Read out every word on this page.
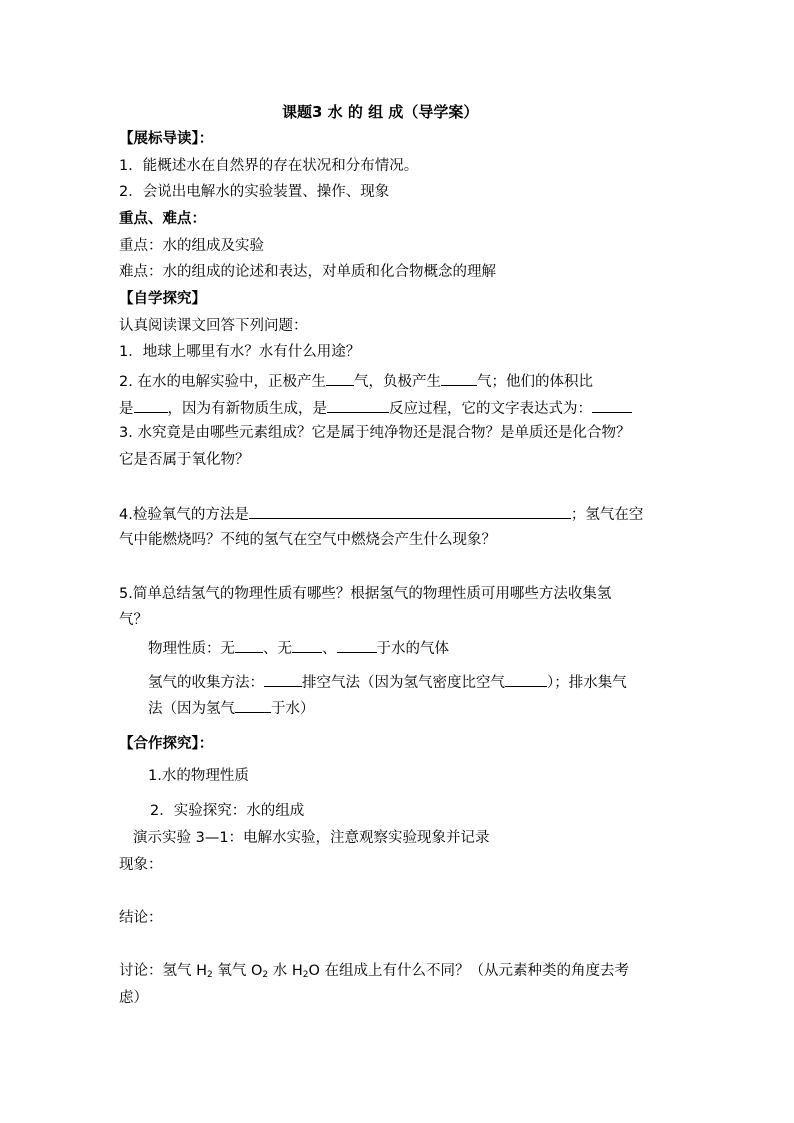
课题3 水 的 组 成（导学案）
【展标导读】：
1．能概述水在自然界的存在状况和分布情况。
2．会说出电解水的实验装置、操作、现象
重点、难点：
重点：水的组成及实验
难点：水的组成的论述和表达，对单质和化合物概念的理解
【自学探究】
认真阅读课文回答下列问题：
1．地球上哪里有水？水有什么用途？
2. 在水的电解实验中，正极产生 气，负极产生 气；他们的体积比
是 ，因为有新物质生成，是	反应过程，它的文字表达式为：
3. 水究竟是由哪些元素组成？它是属于纯净物还是混合物？是单质还是化合物？
它是否属于氧化物？
4.检验氧气的方法是	；氢气在空
气中能燃烧吗？不纯的氢气在空气中燃烧会产生什么现象？
5.简单总结氢气的物理性质有哪些？根据氢气的物理性质可用哪些方法收集氢
气？
物理性质：无 、无 、	于水的气体
氢气的收集方法：	排空气法（因为氢气密度比空气	）；排水集气
法（因为氢气 于水）
【合作探究】：
1.水的物理性质
2．实验探究：水的组成
演示实验 3—1：电解水实验，注意观察实验现象并记录
现象：
结论：
讨论：氢气 $H_2$ 氧气 $O_2$ 水 $H_2O$ 在组成上有什么不同？（从元素种类的角度去考
虑）
